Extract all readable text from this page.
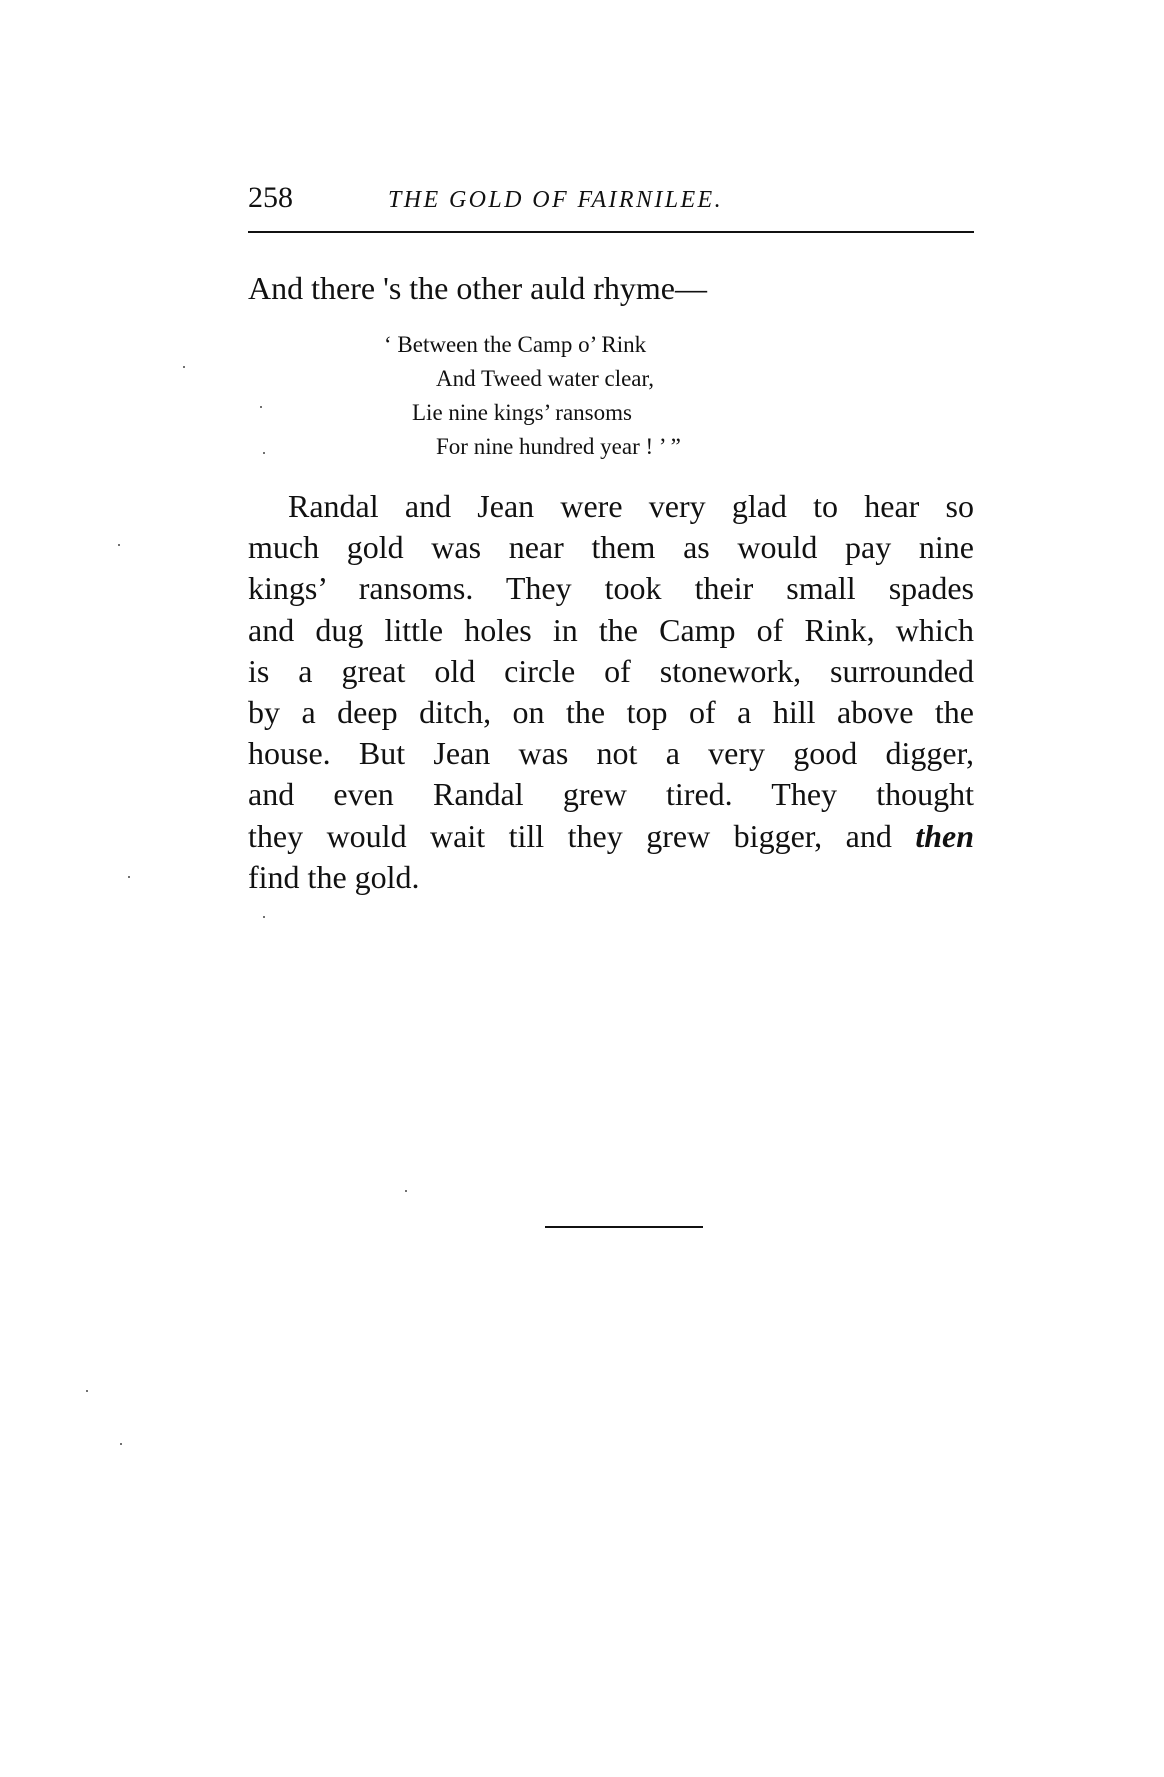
258	THE GOLD OF FAIRNILEE.
And there 's the other auld rhyme—
‘ Between the Camp o’ Rink
And Tweed water clear,
Lie nine kings’ ransoms
For nine hundred year ! ’ ”
Randal and Jean were very glad to hear so
much gold was near them as would pay nine
kings’ ransoms. They took their small spades
and dug little holes in the Camp of Rink, which
is a great old circle of stonework, surrounded
by a deep ditch, on the top of a hill above the
house. But Jean was not a very good digger,
and even Randal grew tired. They thought
they would wait till they grew bigger, and then
find the gold.
